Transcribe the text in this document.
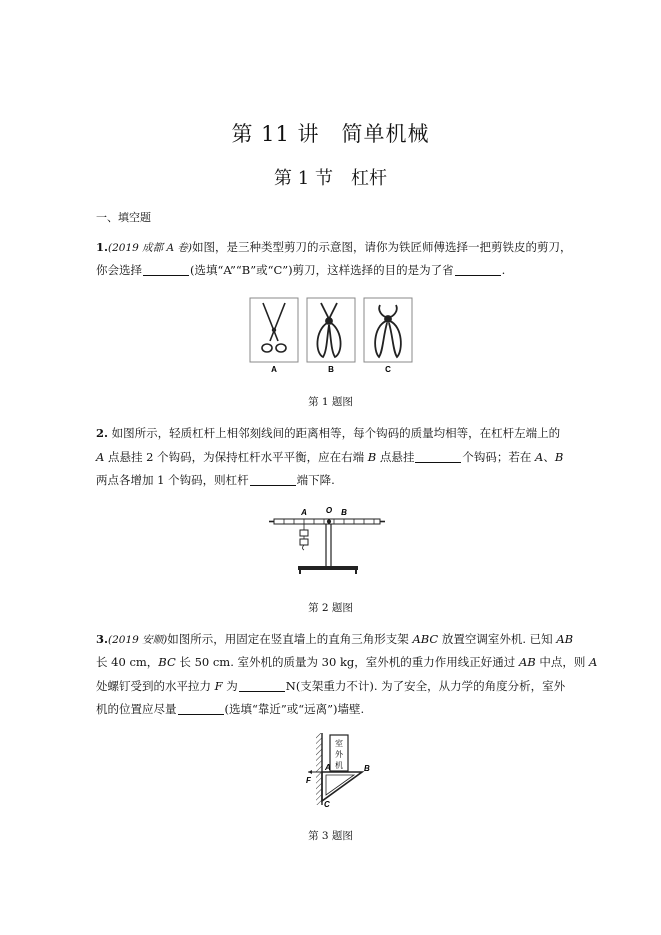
第 11 讲　简单机械
第 1 节　杠杆
一、填空题
1.(2019 成都 A 卷)如图，是三种类型剪刀的示意图，请你为铁匠师傅选择一把剪铁皮的剪刀，
你会选择	(选填“A”“B”或“C”)剪刀，这样选择的目的是为了省	.
A	B	C
第 1 题图
2. 如图所示，轻质杠杆上相邻刻线间的距离相等，每个钩码的质量均相等，在杠杆左端上的
A 点悬挂 2 个钩码，为保持杠杆水平平衡，应在右端 B 点悬挂	个钩码；若在 A、B
两点各增加 1 个钩码，则杠杆	端下降.
A O B
第 2 题图
3.(2019 安顺)如图所示，用固定在竖直墙上的直角三角形支架 ABC 放置空调室外机. 已知 AB
长 40 cm，BC 长 50 cm. 室外机的质量为 30 kg，室外机的重力作用线正好通过 AB 中点，则 A
处螺钉受到的水平拉力 F 为	N(支架重力不计). 为了安全，从力学的角度分析，室外
机的位置应尽量	(选填“靠近”或“远离”)墙壁.
室
外
机
A	B
C
F
第 3 题图
